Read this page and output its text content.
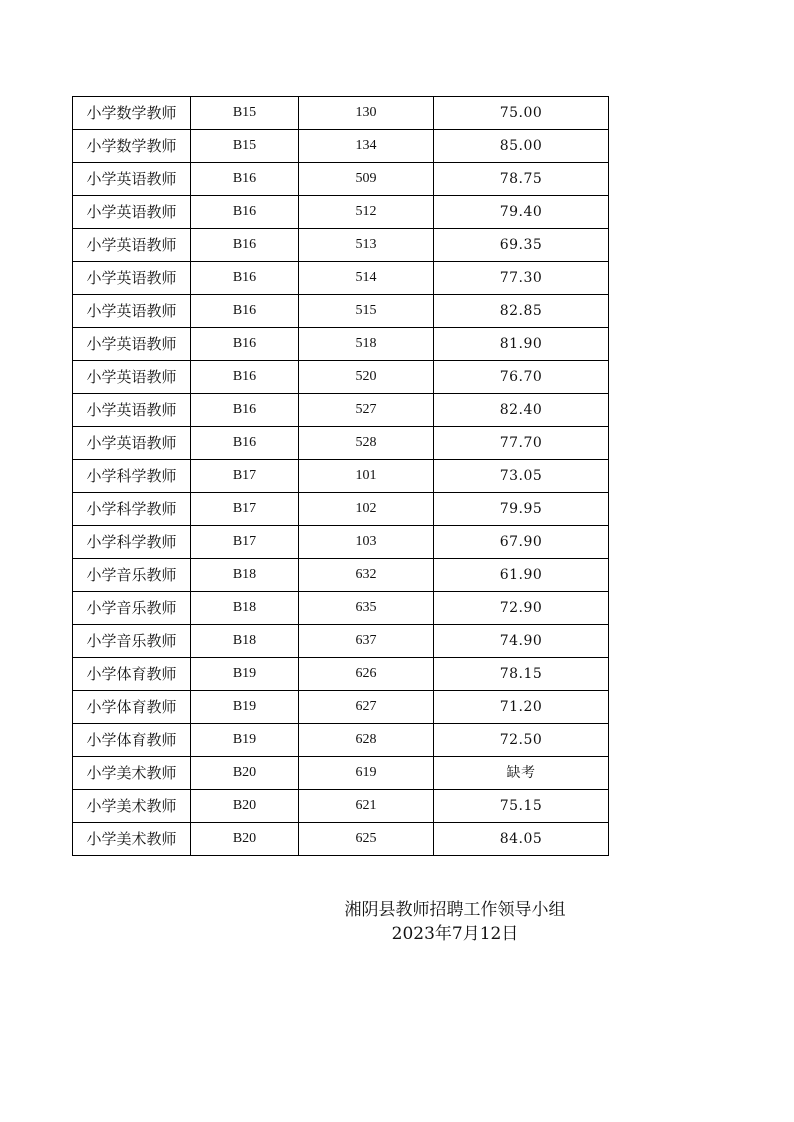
小学数学教师	B15	130	75.00
小学数学教师	B15	134	85.00
小学英语教师	B16	509	78.75
小学英语教师	B16	512	79.40
小学英语教师	B16	513	69.35
小学英语教师	B16	514	77.30
小学英语教师	B16	515	82.85
小学英语教师	B16	518	81.90
小学英语教师	B16	520	76.70
小学英语教师	B16	527	82.40
小学英语教师	B16	528	77.70
小学科学教师	B17	101	73.05
小学科学教师	B17	102	79.95
小学科学教师	B17	103	67.90
小学音乐教师	B18	632	61.90
小学音乐教师	B18	635	72.90
小学音乐教师	B18	637	74.90
小学体育教师	B19	626	78.15
小学体育教师	B19	627	71.20
小学体育教师	B19	628	72.50
小学美术教师	B20	619	缺考
小学美术教师	B20	621	75.15
小学美术教师	B20	625	84.05
湘阴县教师招聘工作领导小组
2023年7月12日
